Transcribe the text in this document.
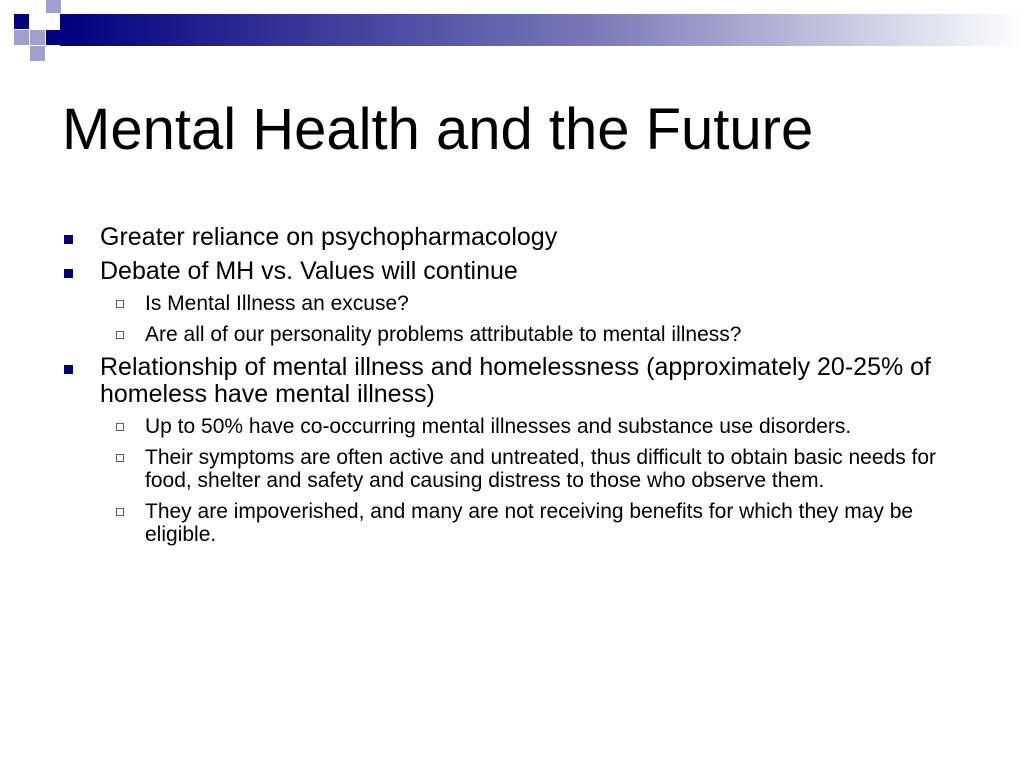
Mental Health and the Future
Greater reliance on psychopharmacology
Debate of MH vs. Values will continue
Is Mental Illness an excuse?
Are all of our personality problems attributable to mental illness?
Relationship of mental illness and homelessness (approximately 20-25% of homeless have mental illness)
Up to 50% have co-occurring mental illnesses and substance use disorders.
Their symptoms are often active and untreated, thus difficult to obtain basic needs for food, shelter and safety and causing distress to those who observe them.
They are impoverished, and many are not receiving benefits for which they may be eligible.
